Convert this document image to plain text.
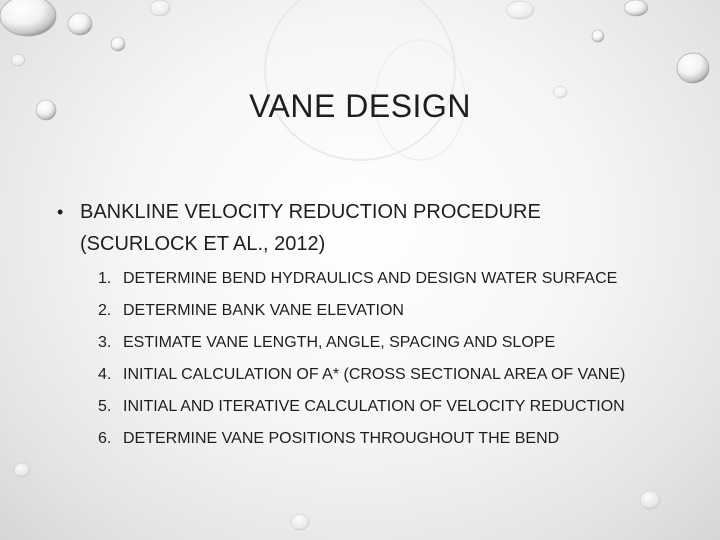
VANE DESIGN

• BANKLINE VELOCITY REDUCTION PROCEDURE (SCURLOCK ET AL., 2012)

1. DETERMINE BEND HYDRAULICS AND DESIGN WATER SURFACE
2. DETERMINE BANK VANE ELEVATION
3. ESTIMATE VANE LENGTH, ANGLE, SPACING AND SLOPE
4. INITIAL CALCULATION OF A* (CROSS SECTIONAL AREA OF VANE)
5. INITIAL AND ITERATIVE CALCULATION OF VELOCITY REDUCTION
6. DETERMINE VANE POSITIONS THROUGHOUT THE BEND
